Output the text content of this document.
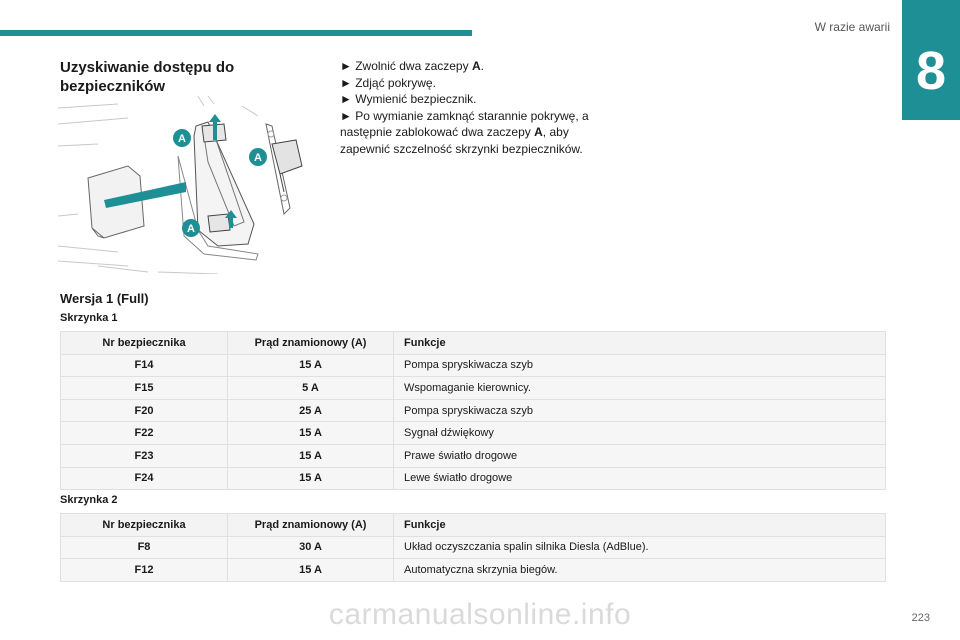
W razie awarii
8
Uzyskiwanie dostępu do bezpieczników
A
A
A

► Zwolnić dwa zaczepy A.

► Zdjąć pokrywę.

► Wymienić bezpiecznik.

► Po wymianie zamknąć starannie pokrywę, a następnie zablokować dwa zaczepy A, aby zapewnić szczelność skrzynki bezpieczników.

Wersja 1 (Full)
Skrzynka 1
Nr bezpiecznika	Prąd znamionowy (A)	Funkcje
F14	15 A	Pompa spryskiwacza szyb
F15	5 A	Wspomaganie kierownicy.
F20	25 A	Pompa spryskiwacza szyb
F22	15 A	Sygnał dźwiękowy
F23	15 A	Prawe światło drogowe
F24	15 A	Lewe światło drogowe
Skrzynka 2
Nr bezpiecznika	Prąd znamionowy (A)	Funkcje
F8	30 A	Układ oczyszczania spalin silnika Diesla (AdBlue).
F12	15 A	Automatyczna skrzynia biegów.
carmanualsonline.info	223
